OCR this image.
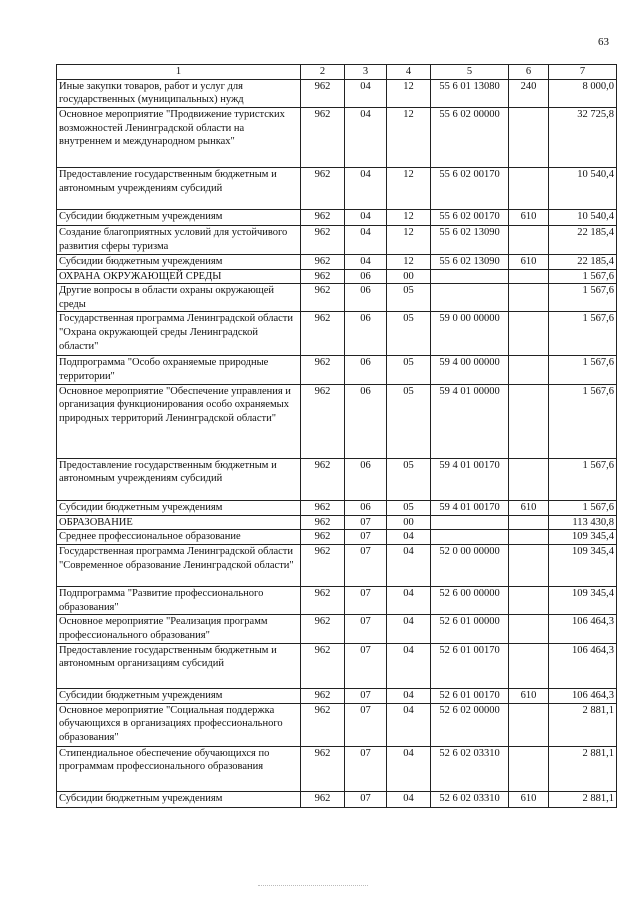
63
1	2	3	4	5	6	7
Иные закупки товаров, работ и услуг для государственных (муниципальных) нужд	962	04	12	55 6 01 13080	240	8 000,0
Основное мероприятие "Продвижение туристских возможностей Ленинградской области на внутреннем и международном рынках"	962	04	12	55 6 02 00000		32 725,8
Предоставление государственным бюджетным и автономным учреждениям субсидий	962	04	12	55 6 02 00170		10 540,4
Субсидии бюджетным учреждениям	962	04	12	55 6 02 00170	610	10 540,4
Создание благоприятных условий для устойчивого развития сферы туризма	962	04	12	55 6 02 13090		22 185,4
Субсидии бюджетным учреждениям	962	04	12	55 6 02 13090	610	22 185,4
ОХРАНА ОКРУЖАЮЩЕЙ СРЕДЫ	962	06	00			1 567,6
Другие вопросы в области охраны окружающей среды	962	06	05			1 567,6
Государственная программа Ленинградской области "Охрана окружающей среды Ленинградской области"	962	06	05	59 0 00 00000		1 567,6
Подпрограмма "Особо охраняемые природные территории"	962	06	05	59 4 00 00000		1 567,6
Основное мероприятие "Обеспечение управления и организация функционирования особо охраняемых природных территорий Ленинградской области"	962	06	05	59 4 01 00000		1 567,6
Предоставление государственным бюджетным и автономным учреждениям субсидий	962	06	05	59 4 01 00170		1 567,6
Субсидии бюджетным учреждениям	962	06	05	59 4 01 00170	610	1 567,6
ОБРАЗОВАНИЕ	962	07	00			113 430,8
Среднее профессиональное образование	962	07	04			109 345,4
Государственная программа Ленинградской области "Современное образование Ленинградской области"	962	07	04	52 0 00 00000		109 345,4
Подпрограмма "Развитие профессионального образования"	962	07	04	52 6 00 00000		109 345,4
Основное мероприятие "Реализация программ профессионального образования"	962	07	04	52 6 01 00000		106 464,3
Предоставление государственным бюджетным и автономным организациям субсидий	962	07	04	52 6 01 00170		106 464,3
Субсидии бюджетным учреждениям	962	07	04	52 6 01 00170	610	106 464,3
Основное мероприятие "Социальная поддержка обучающихся в организациях профессионального образования"	962	07	04	52 6 02 00000		2 881,1
Стипендиальное обеспечение обучающихся по программам профессионального образования	962	07	04	52 6 02 03310		2 881,1
Субсидии бюджетным учреждениям	962	07	04	52 6 02 03310	610	2 881,1
